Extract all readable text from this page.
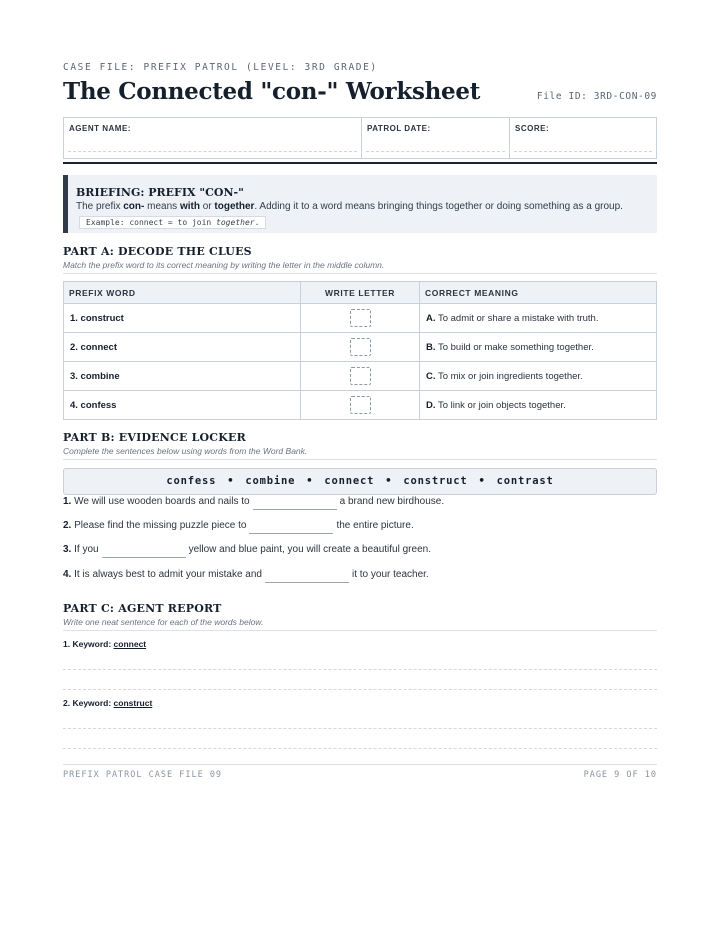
CASE FILE: PREFIX PATROL (LEVEL: 3RD GRADE)
The Connected "con-" Worksheet	File ID: 3RD-CON-09
AGENT NAME:	PATROL DATE:	SCORE:
BRIEFING: PREFIX "CON-"
The prefix con- means with or together. Adding it to a word means bringing things together or doing something as a group.
Example: connect = to join together.
PART A: DECODE THE CLUES
Match the prefix word to its correct meaning by writing the letter in the middle column.
PREFIX WORD	WRITE LETTER	CORRECT MEANING
1. construct		A. To admit or share a mistake with truth.
2. connect		B. To build or make something together.
3. combine		C. To mix or join ingredients together.
4. confess		D. To link or join objects together.
PART B: EVIDENCE LOCKER
Complete the sentences below using words from the Word Bank.
confess • combine • connect • construct • contrast
1. We will use wooden boards and nails to	a brand new birdhouse.
2. Please find the missing puzzle piece to	the entire picture.
3. If you	yellow and blue paint, you will create a beautiful green.
4. It is always best to admit your mistake and	it to your teacher.
PART C: AGENT REPORT
Write one neat sentence for each of the words below.
1. Keyword: connect
2. Keyword: construct
PREFIX PATROL CASE FILE 09	PAGE 9 OF 10
